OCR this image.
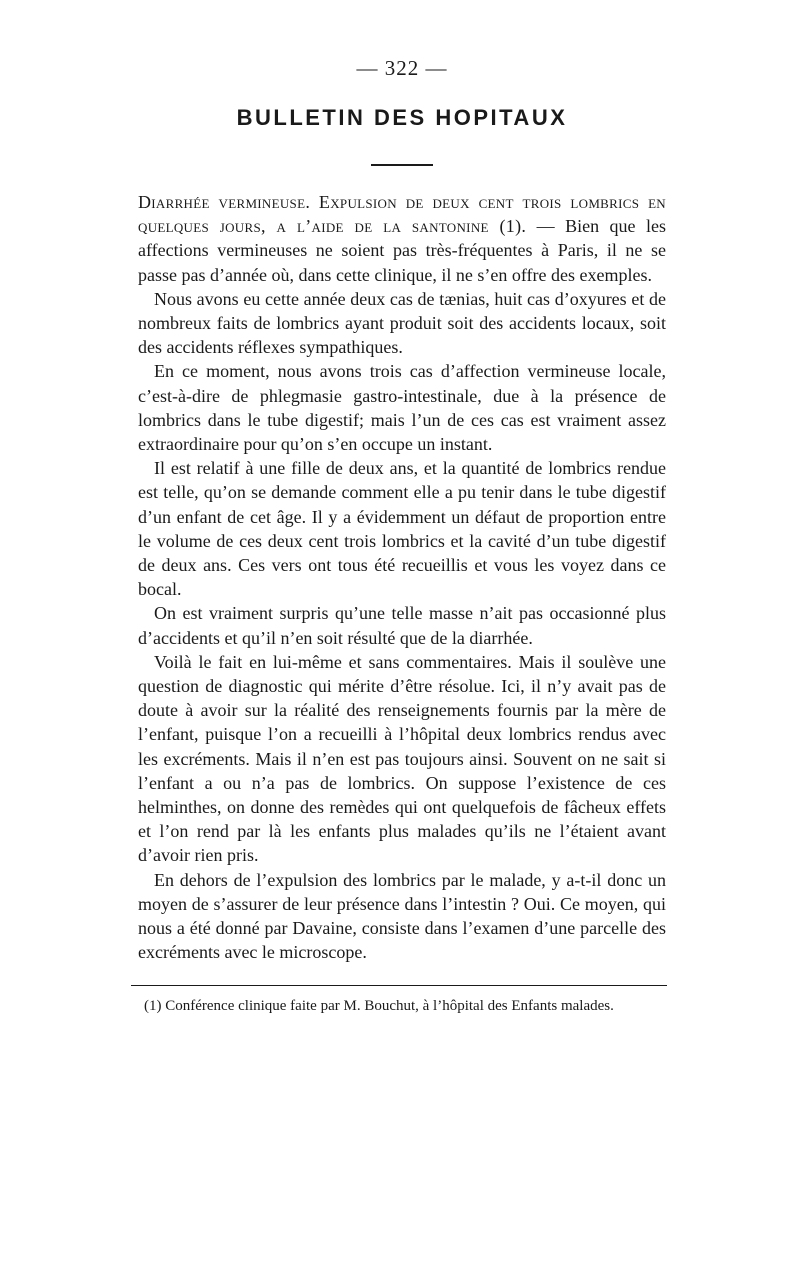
— 322 —
BULLETIN DES HOPITAUX

Diarrhée vermineuse. Expulsion de deux cent trois lombrics en quelques jours, a l’aide de la santonine (1). — Bien que les affections vermineuses ne soient pas très-fréquentes à Paris, il ne se passe pas d’année où, dans cette clinique, il ne s’en offre des exemples.

Nous avons eu cette année deux cas de tænias, huit cas d’oxyures et de nombreux faits de lombrics ayant produit soit des accidents locaux, soit des accidents réflexes sympathiques.

En ce moment, nous avons trois cas d’affection vermineuse locale, c’est-à-dire de phlegmasie gastro-intestinale, due à la présence de lombrics dans le tube digestif; mais l’un de ces cas est vraiment assez extraordinaire pour qu’on s’en occupe un instant.

Il est relatif à une fille de deux ans, et la quantité de lombrics rendue est telle, qu’on se demande comment elle a pu tenir dans le tube digestif d’un enfant de cet âge. Il y a évidemment un défaut de proportion entre le volume de ces deux cent trois lombrics et la cavité d’un tube digestif de deux ans. Ces vers ont tous été recueillis et vous les voyez dans ce bocal.

On est vraiment surpris qu’une telle masse n’ait pas occasionné plus d’accidents et qu’il n’en soit résulté que de la diarrhée.

Voilà le fait en lui-même et sans commentaires. Mais il soulève une question de diagnostic qui mérite d’être résolue. Ici, il n’y avait pas de doute à avoir sur la réalité des renseignements fournis par la mère de l’enfant, puisque l’on a recueilli à l’hôpital deux lombrics rendus avec les excréments. Mais il n’en est pas toujours ainsi. Souvent on ne sait si l’enfant a ou n’a pas de lombrics. On suppose l’existence de ces helminthes, on donne des remèdes qui ont quelquefois de fâcheux effets et l’on rend par là les enfants plus malades qu’ils ne l’étaient avant d’avoir rien pris.

En dehors de l’expulsion des lombrics par le malade, y a-t-il donc un moyen de s’assurer de leur présence dans l’intestin ? Oui. Ce moyen, qui nous a été donné par Davaine, consiste dans l’examen d’une parcelle des excréments avec le microscope.

(1) Conférence clinique faite par M. Bouchut, à l’hôpital des Enfants malades.
